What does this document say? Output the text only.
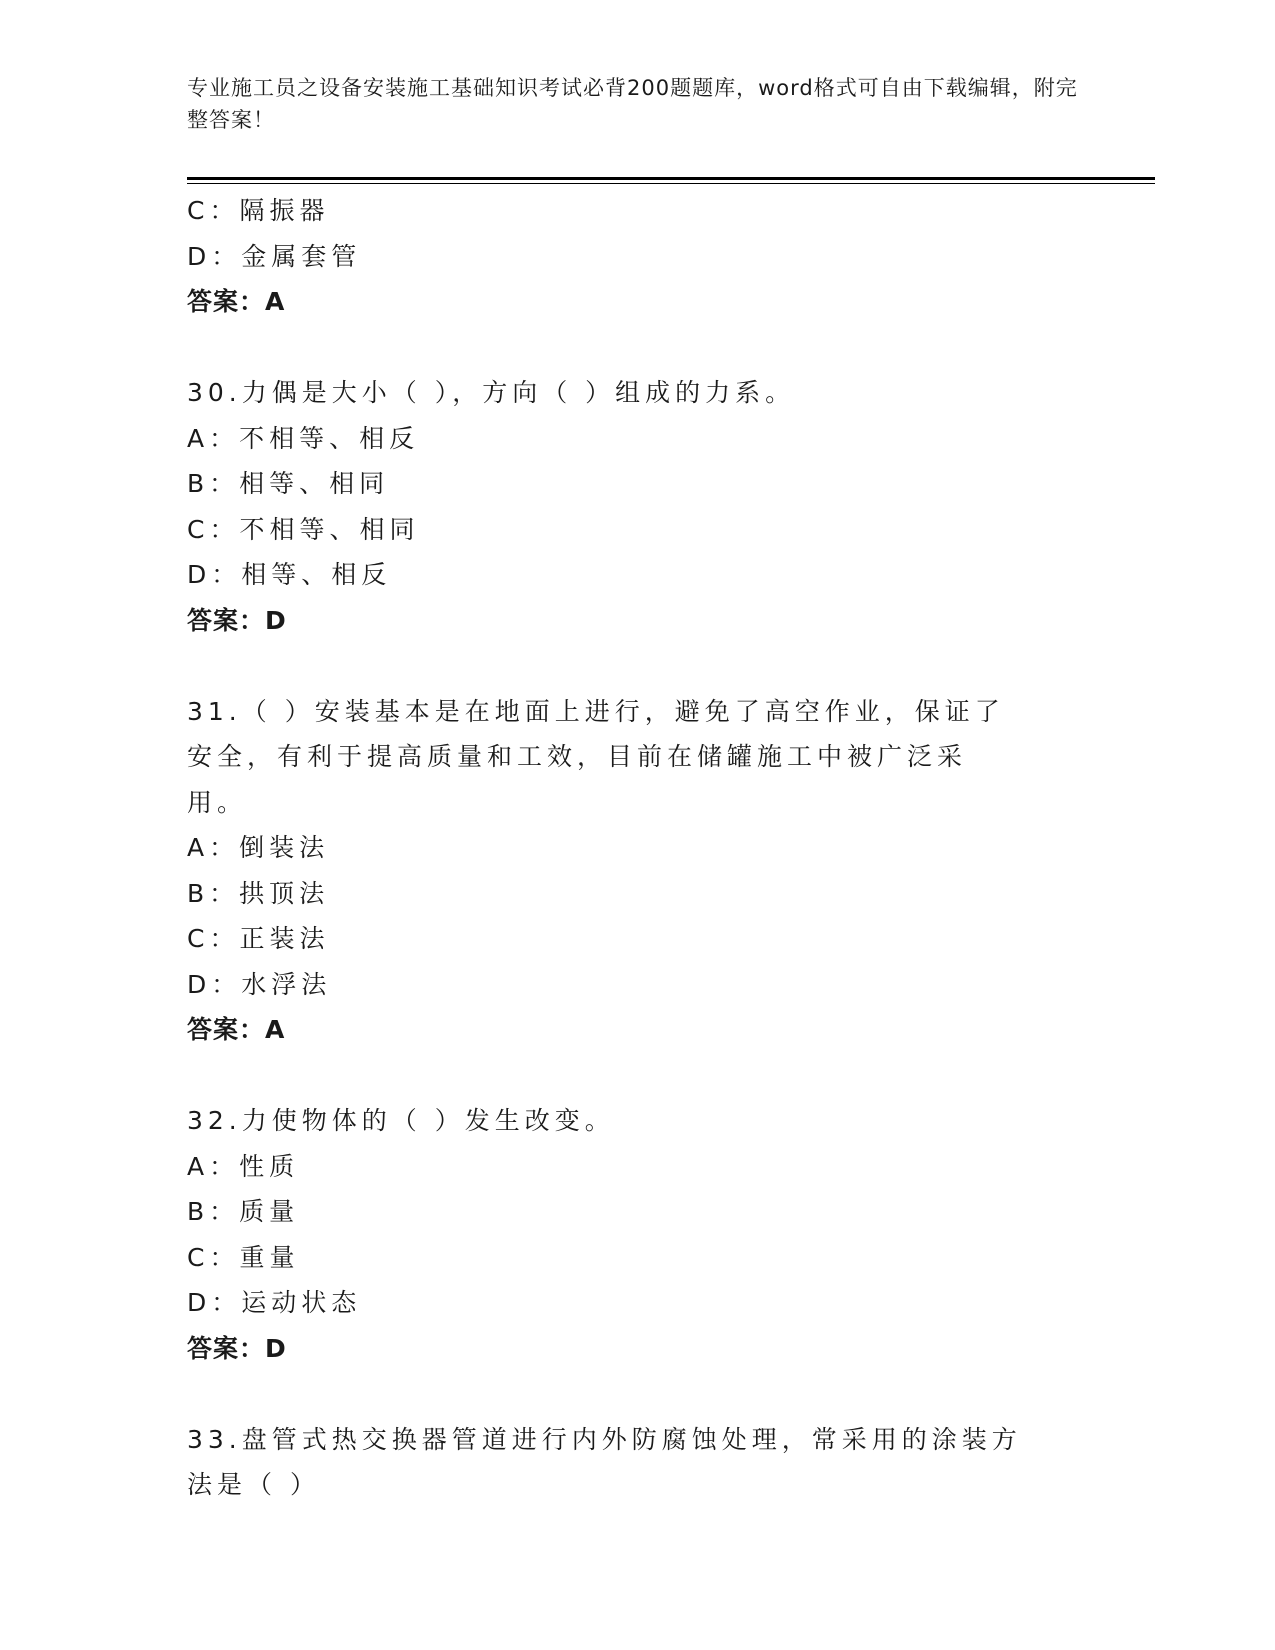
专业施工员之设备安装施工基础知识考试必背200题题库，word格式可自由下载编辑，附完整答案！
C：隔振器
D：金属套管
答案：A
30.力偶是大小（ ），方向（ ）组成的力系。
A：不相等、相反
B：相等、相同
C：不相等、相同
D：相等、相反
答案：D
31.（ ）安装基本是在地面上进行，避免了高空作业，保证了安全，有利于提高质量和工效，目前在储罐施工中被广泛采用。
A：倒装法
B：拱顶法
C：正装法
D：水浮法
答案：A
32.力使物体的（ ）发生改变。
A：性质
B：质量
C：重量
D：运动状态
答案：D
33.盘管式热交换器管道进行内外防腐蚀处理，常采用的涂装方法是（ ）
